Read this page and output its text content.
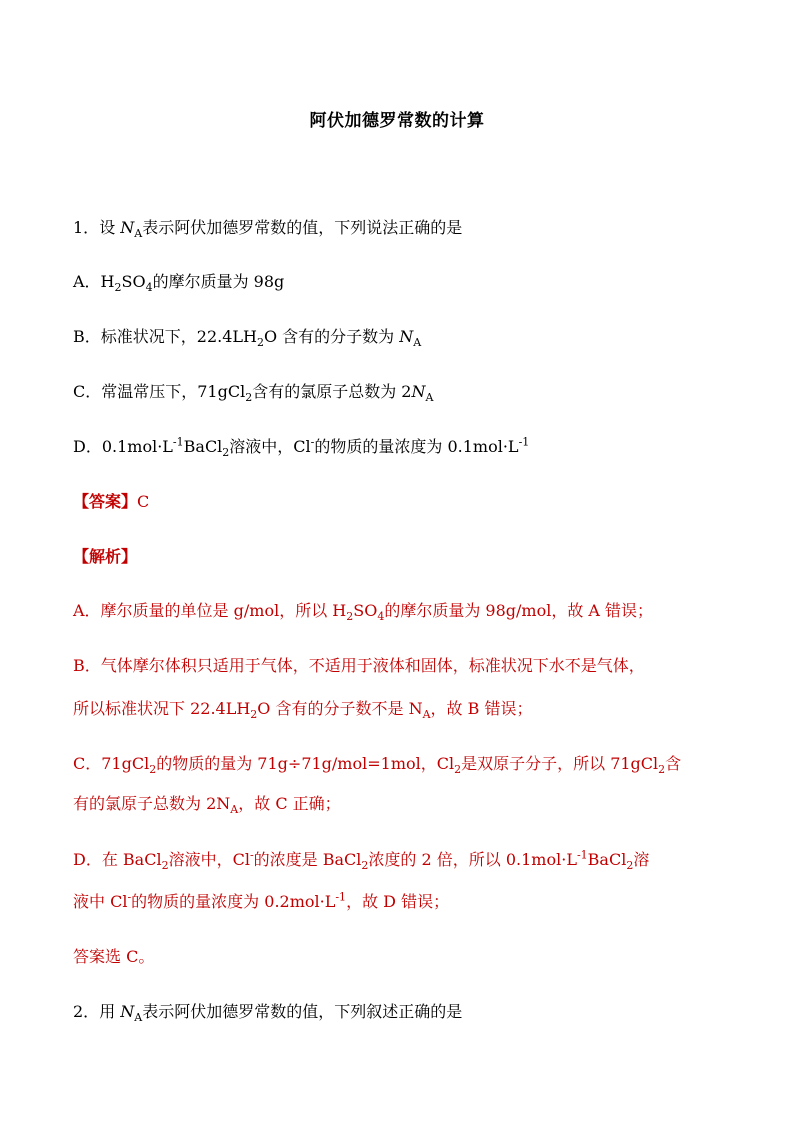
阿伏加德罗常数的计算
1．设 $N_A$表示阿伏加德罗常数的值，下列说法正确的是
A．$H_2SO_4$的摩尔质量为 98g
B．标准状况下，$22.4LH_2O$ 含有的分子数为 $N_A$
C．常温常压下，71gCl$_2$含有的氯原子总数为 $2N_A$
D．$0.1mol\cdot L^{-1}BaCl_2$溶液中，Cl-的物质的量浓度为 $0.1mol\cdot L^{-1}$
【答案】C
【解析】
A．摩尔质量的单位是 g/mol，所以 $H_2SO_4$的摩尔质量为 98g/mol，故 A 错误；
B．气体摩尔体积只适用于气体，不适用于液体和固体，标准状况下水不是气体，
所以标准状况下 $22.4LH_2O$ 含有的分子数不是 $N_A$，故 B 错误；
C．71gCl$_2$的物质的量为 71g÷71g/mol=1mol，$Cl_2$是双原子分子，所以 71gCl$_2$含
有的氯原子总数为 $2N_A$，故 C 正确；
D．在 BaCl$_2$溶液中，Cl-的浓度是 BaCl$_2$浓度的 2 倍，所以 $0.1mol\cdot L^{-1}BaCl_2$溶
液中 Cl-的物质的量浓度为 $0.2mol\cdot L^{-1}$，故 D 错误；
答案选 C。
2．用 $N_A$表示阿伏加德罗常数的值，下列叙述正确的是
